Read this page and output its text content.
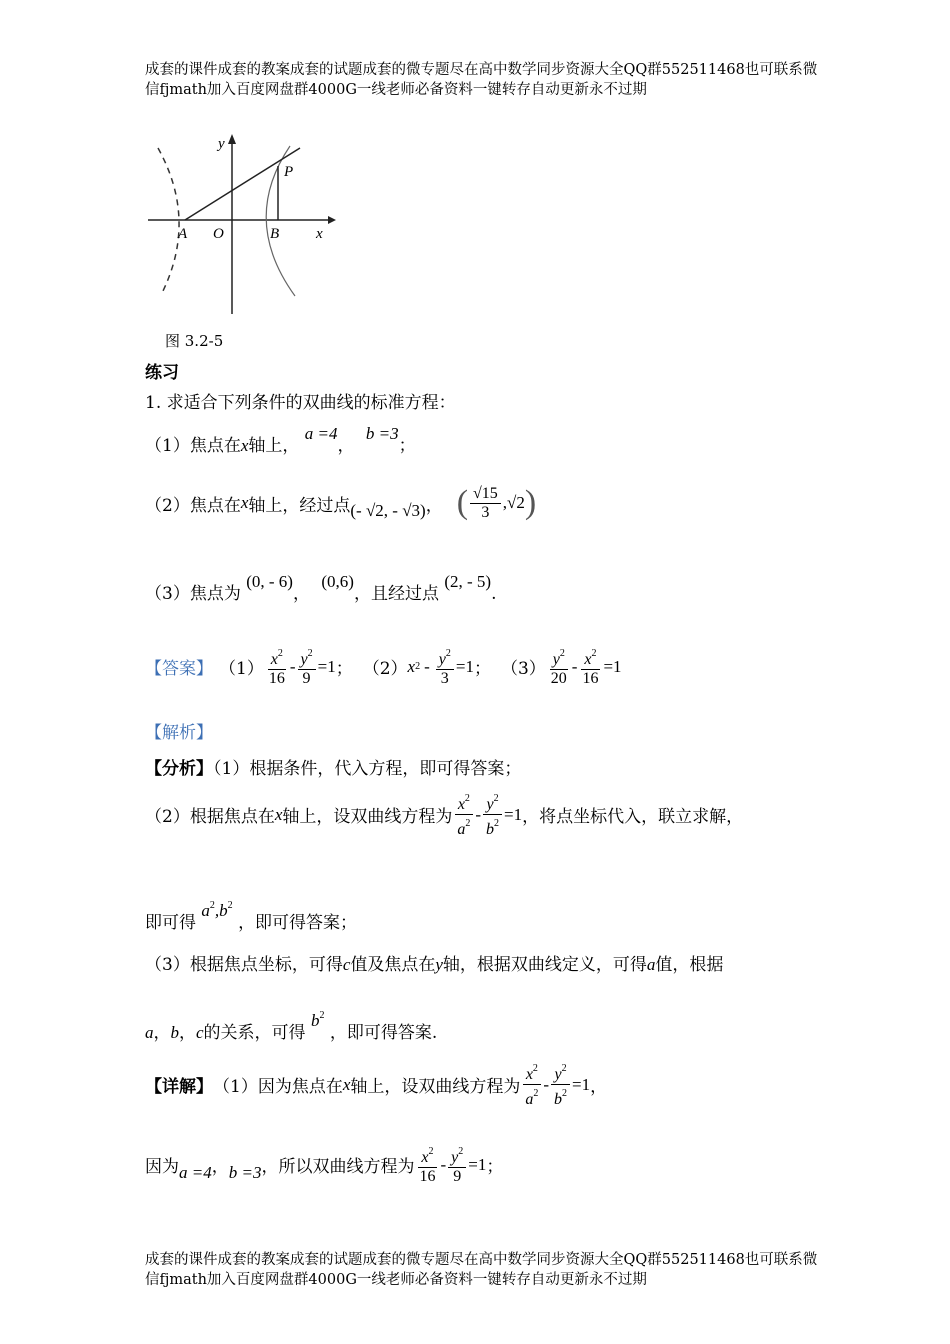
成套的课件成套的教案成套的试题成套的微专题尽在高中数学同步资源大全QQ群552511468也可联系微
信fjmath加入百度网盘群4000G一线老师必备资料一键转存自动更新永不过期
y
x
P
A O	B
图 3.2-5
练习
1. 求适合下列条件的双曲线的标准方程：
（1）焦点在x轴上， a =4， b =3；
（2） 焦点在 x 轴上，经过点 (- √2, - √3) ， ( $\frac{√15}{3} ,√2$ )
（3）焦点为 (0, - 6)， (0,6)，且经过点 (2, - 5).
【答案】 $(1) \frac{x^2}{16} - \frac{y^2}{9} =1$ ； （2） x $2 - \frac{y^2}{3} =1$ ； $(3) \frac{y^2}{20} - \frac{x^2}{16} =1$
【解析】
【分析】（1）根据条件，代入方程，即可得答案；
（2）根据焦点在 x 轴上，设双曲线方程为 $\frac{x^2}{a^2} - \frac{y^2}{b^2} =1$ ，将点坐标代入，联立求解，
即可得 $a^2,b^2$ ，即可得答案；
（3）根据焦点坐标，可得c值及焦点在y轴，根据双曲线定义，可得a值，根据
a，b，c的关系，可得 $b^2$ ，即可得答案.
【详解】 （1）因为焦点在 x 轴上，设双曲线方程为 $\frac{x^2}{a^2} - \frac{y^2}{b^2} =1$ ，
因为 a =4 ， b =3 ，所以双曲线方程为 $\frac{x^2}{16} - \frac{y^2}{9} =1$ ；
成套的课件成套的教案成套的试题成套的微专题尽在高中数学同步资源大全QQ群552511468也可联系微
信fjmath加入百度网盘群4000G一线老师必备资料一键转存自动更新永不过期
